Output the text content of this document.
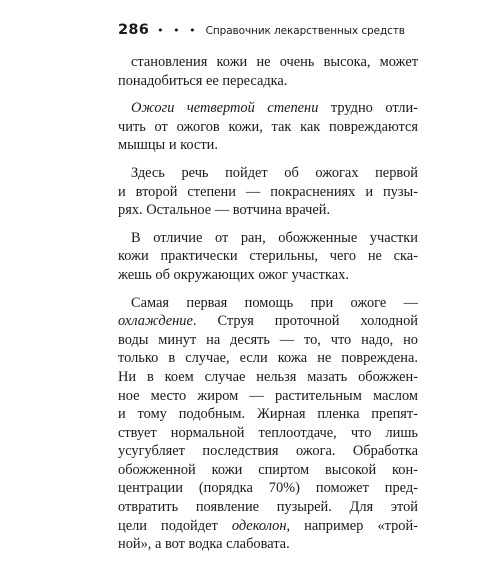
286 • • • Справочник лекарственных средств
становления кожи не очень высока, может
понадобиться ее пересадка.
Ожоги четвертой степени трудно отли-
чить от ожогов кожи, так как повреждаются
мышцы и кости.
Здесь речь пойдет об ожогах первой
и второй степени — покраснениях и пузы-
рях. Остальное — вотчина врачей.
В отличие от ран, обожженные участки
кожи практически стерильны, чего не ска-
жешь об окружающих ожог участках.
Самая первая помощь при ожоге —
охлаждение. Струя проточной холодной
воды минут на десять — то, что надо, но
только в случае, если кожа не повреждена.
Ни в коем случае нельзя мазать обожжен-
ное место жиром — растительным маслом
и тому подобным. Жирная пленка препят-
ствует нормальной теплоотдаче, что лишь
усугубляет последствия ожога. Обработка
обожженной кожи спиртом высокой кон-
центрации (порядка 70%) поможет пред-
отвратить появление пузырей. Для этой
цели подойдет одеколон, например «трой-
ной», а вот водка слабовата.
